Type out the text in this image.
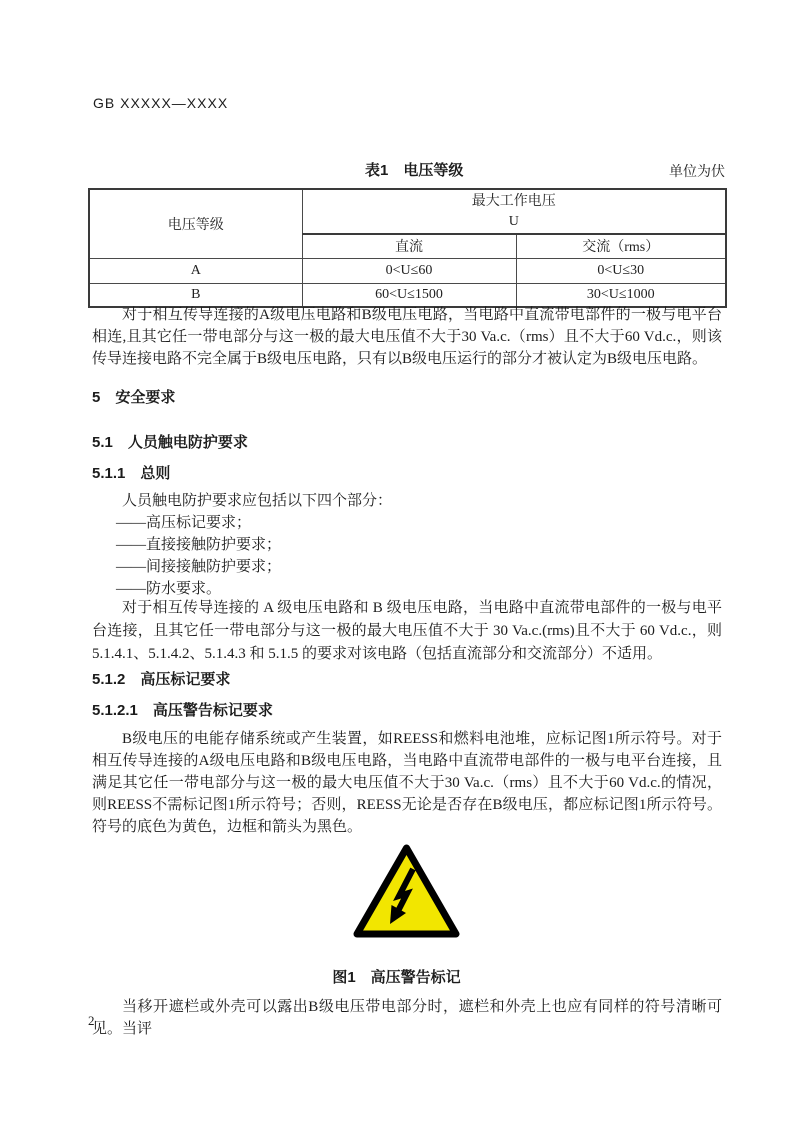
GB XXXXX—XXXX
表1　电压等级	单位为伏
电压等级	最大工作电压
U	

	直流	交流（rms）
A	0<U≤60	0<U≤30
B	60<U≤1500	30<U≤1000
对于相互传导连接的A级电压电路和B级电压电路，当电路中直流带电部件的一极与电平台相连,且其它任一带电部分与这一极的最大电压值不大于30 Va.c.（rms）且不大于60 Vd.c.，则该传导连接电路不完全属于B级电压电路，只有以B级电压运行的部分才被认定为B级电压电路。
5　安全要求
5.1　人员触电防护要求
5.1.1　总则
人员触电防护要求应包括以下四个部分：
——高压标记要求；
——直接接触防护要求；
——间接接触防护要求；
——防水要求。
对于相互传导连接的 A 级电压电路和 B 级电压电路，当电路中直流带电部件的一极与电平台连接，且其它任一带电部分与这一极的最大电压值不大于 30 Va.c.(rms)且不大于 60 Vd.c.，则 5.1.4.1、5.1.4.2、5.1.4.3 和 5.1.5 的要求对该电路（包括直流部分和交流部分）不适用。
5.1.2　高压标记要求
5.1.2.1　高压警告标记要求
B级电压的电能存储系统或产生装置，如REESS和燃料电池堆，应标记图1所示符号。对于相互传导连接的A级电压电路和B级电压电路，当电路中直流带电部件的一极与电平台连接，且满足其它任一带电部分与这一极的最大电压值不大于30 Va.c.（rms）且不大于60 Vd.c.的情况，则REESS不需标记图1所示符号；否则，REESS无论是否存在B级电压，都应标记图1所示符号。符号的底色为黄色，边框和箭头为黑色。
图1　高压警告标记
当移开遮栏或外壳可以露出B级电压带电部分时，遮栏和外壳上也应有同样的符号清晰可见。当评
2
